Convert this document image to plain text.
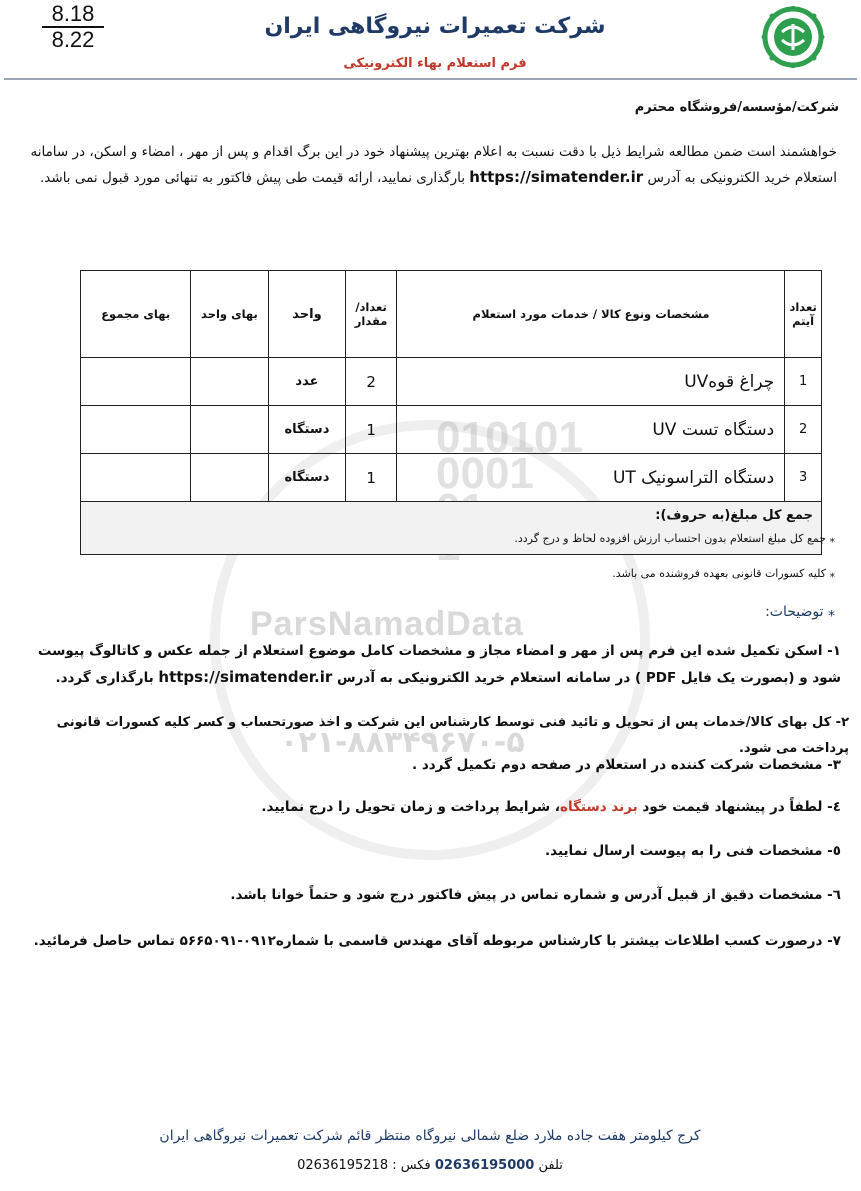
8.18
8.22
شرکت تعمیرات نیروگاهی ایران
فرم استعلام بهاء الکترونیکی
010101
0001

ParsNamadData
۰۲۱-۸۸۳۴۹۶۷۰-۵
شرکت/مؤسسه/فروشگاه محترم
خواهشمند است ضمن مطالعه شرایط ذیل با دقت نسبت به اعلام بهترین پیشنهاد خود در این برگ اقدام و پس از مهر ، امضاء و اسکن، در سامانه استعلام خرید الکترونیکی به آدرس https://simatender.ir بارگذاری نمایید، ارائه قیمت طی پیش فاکتور به تنهائی مورد قبول نمی باشد.
تعداد آیتم	مشخصات ونوع کالا / خدمات مورد استعلام	تعداد/ مقدار	واحد	بهای واحد	بهای مجموع
1	چراغ قوهUV	2	عدد		
2	دستگاه تست UV	1	دستگاه		
3	دستگاه التراسونیک UT	1	دستگاه		
جمع کل مبلغ(به حروف):					
⁎ جمع کل مبلغ استعلام بدون احتساب ارزش افزوده لحاظ و درج گردد.
⁎ کلیه کسورات قانونی بعهده فروشنده می باشد.
⁎ توضیحات:
۱- اسکن تکمیل شده این فرم پس از مهر و امضاء مجاز و مشخصات کامل موضوع استعلام از جمله عکس و کاتالوگ پیوست شود و (بصورت یک فایل PDF ) در سامانه استعلام خرید الکترونیکی به آدرس https://simatender.ir بارگذاری گردد.
۲- کل بهای کالا/خدمات پس از تحویل و تائید فنی توسط کارشناس این شرکت و اخذ صورتحساب و کسر کلیه کسورات قانونی پرداخت می شود.
۳- مشخصات شرکت کننده در استعلام در صفحه دوم تکمیل گردد .
٤- لطفاً در پیشنهاد قیمت خود برند دستگاه، شرایط پرداخت و زمان تحویل را درج نمایید.
٥- مشخصات فنی را به پیوست ارسال نمایید.
٦- مشخصات دقیق از قبیل آدرس و شماره تماس در پیش فاکتور درج شود و حتماً خوانا باشد.
۷- درصورت کسب اطلاعات بیشتر با کارشناس مربوطه آقای مهندس قاسمی با شماره۰۹۱۲-۵۶۶۵۰۹۱ تماس حاصل فرمائید.
کرج کیلومتر هفت جاده ملارد ضلع شمالی نیروگاه منتظر قائم شرکت تعمیرات نیروگاهی ایران
تلفن 02636195000 فکس : 02636195218
